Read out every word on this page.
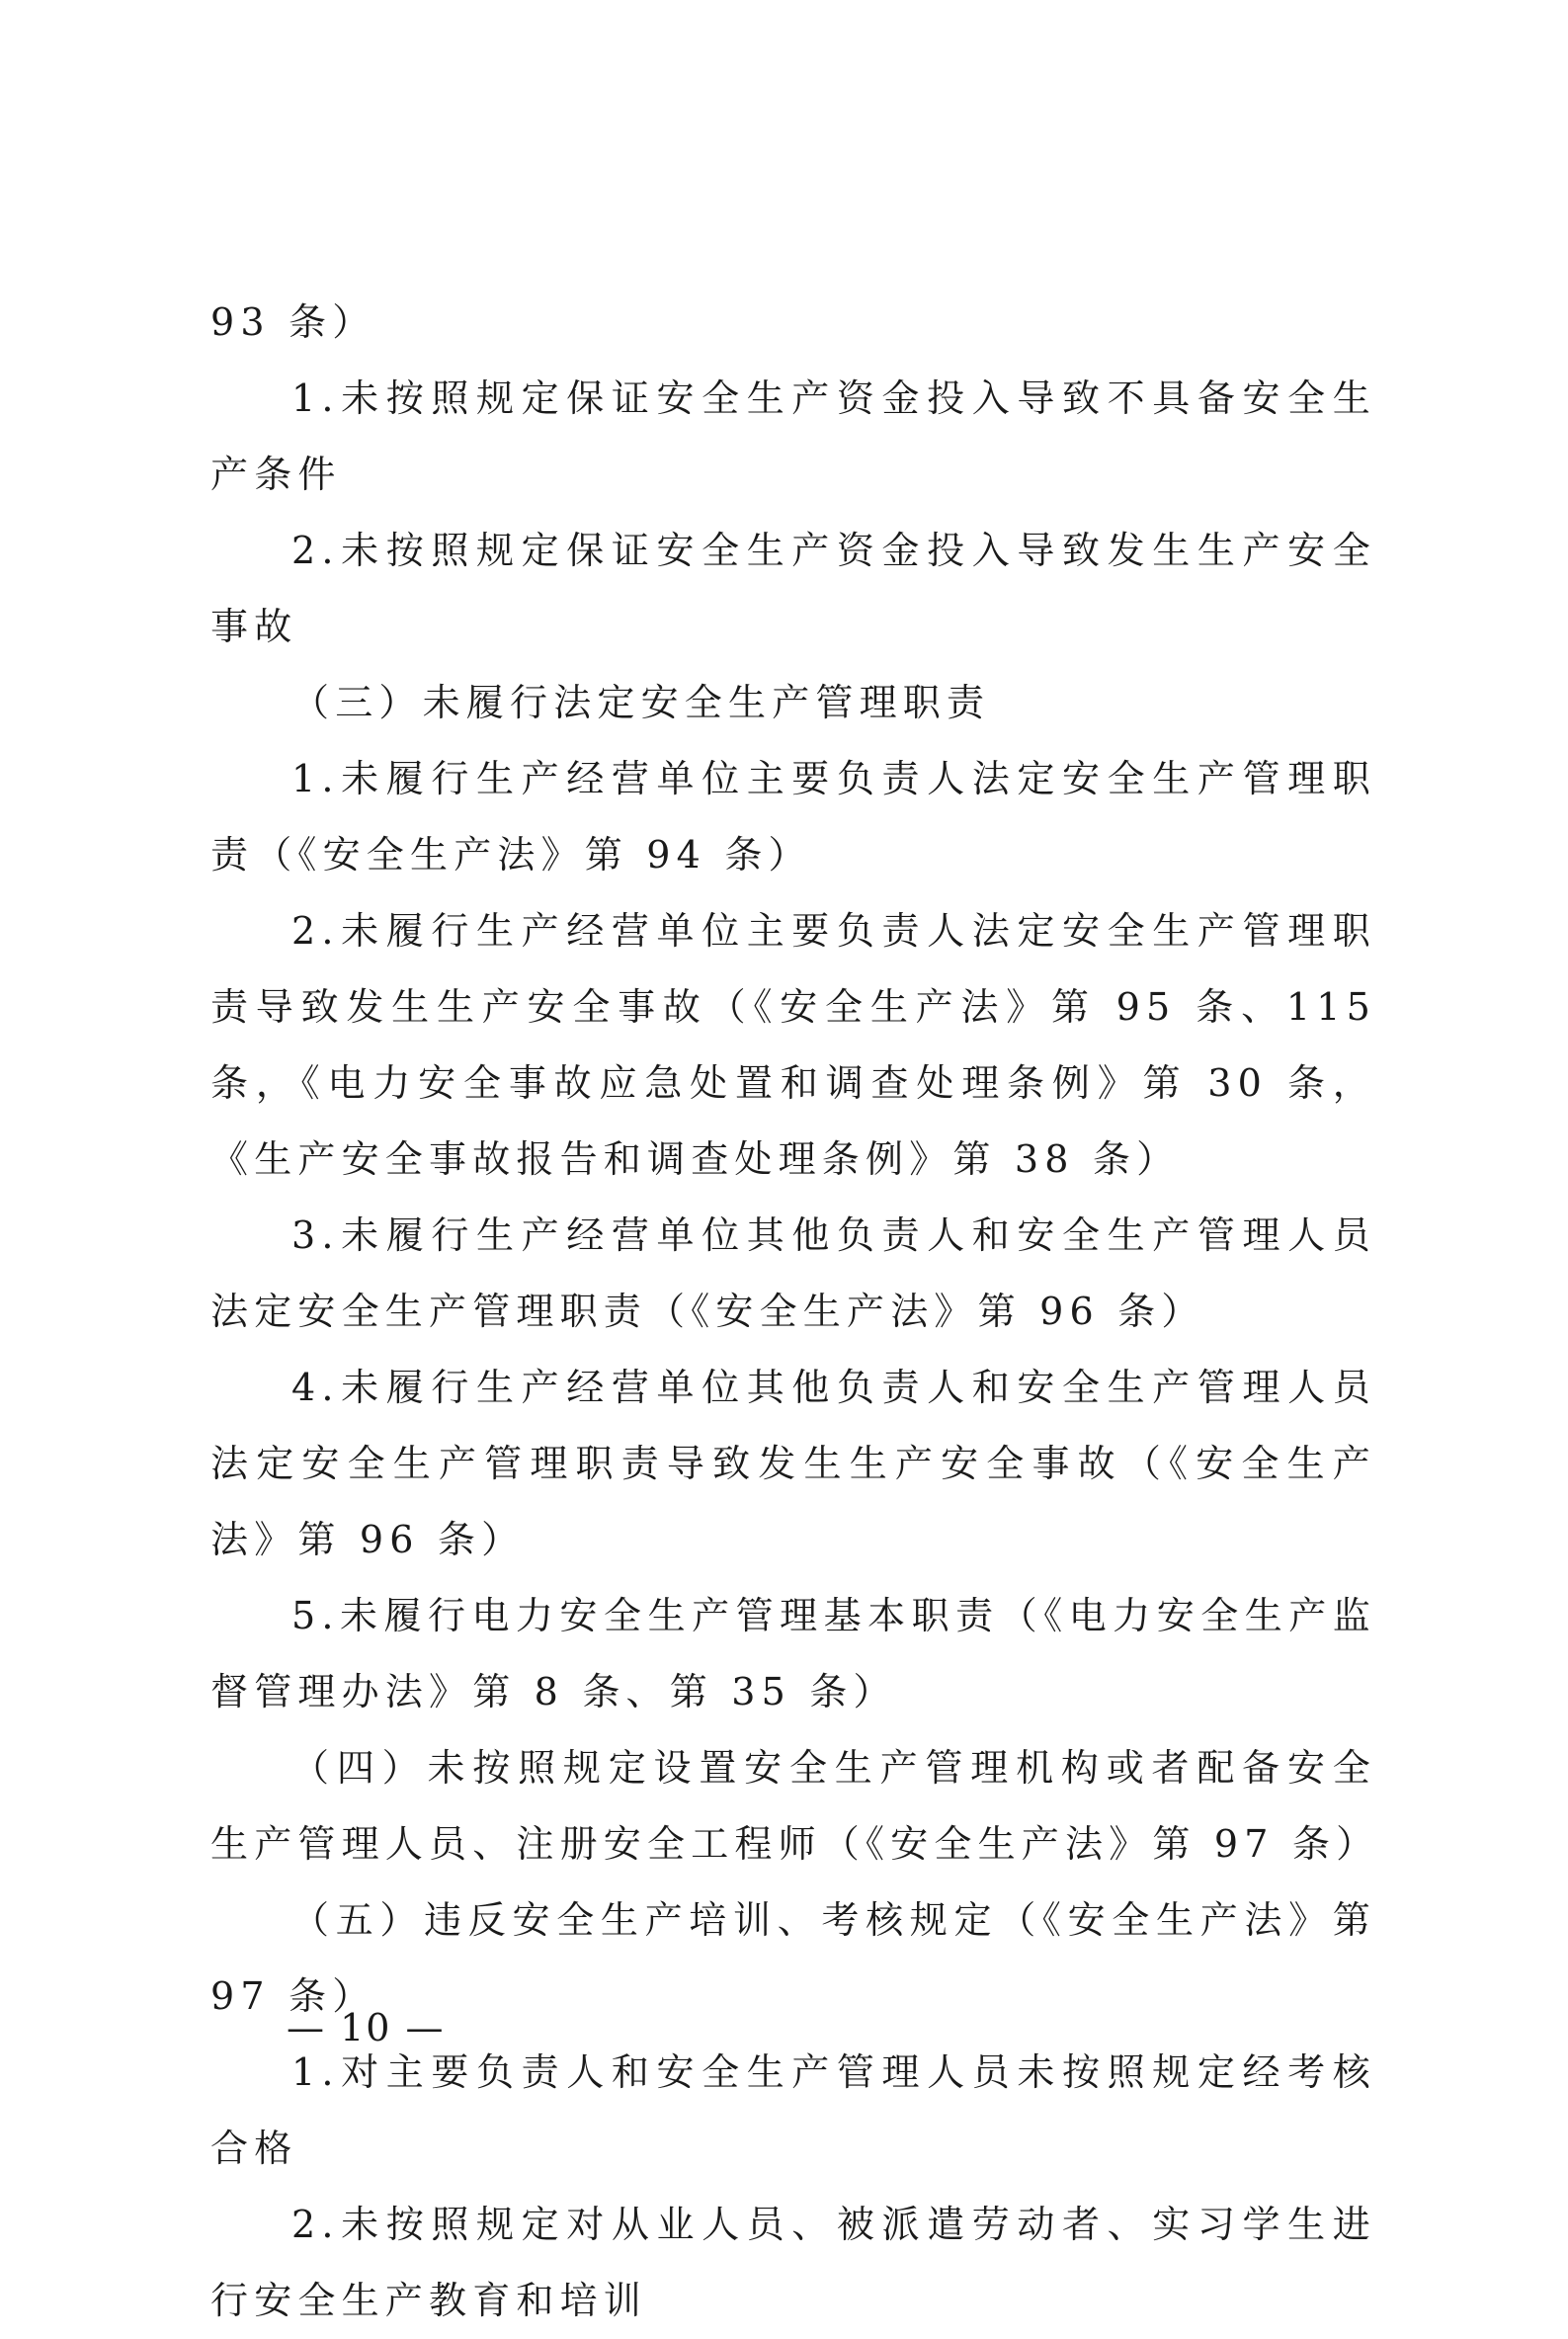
93 条）

1.未按照规定保证安全生产资金投入导致不具备安全生产条件

2.未按照规定保证安全生产资金投入导致发生生产安全事故

（三）未履行法定安全生产管理职责

1.未履行生产经营单位主要负责人法定安全生产管理职责（《安全生产法》第 94 条）

2.未履行生产经营单位主要负责人法定安全生产管理职责导致发生生产安全事故（《安全生产法》第 95 条、115 条，《电力安全事故应急处置和调查处理条例》第 30 条，《生产安全事故报告和调查处理条例》第 38 条）

3.未履行生产经营单位其他负责人和安全生产管理人员法定安全生产管理职责（《安全生产法》第 96 条）

4.未履行生产经营单位其他负责人和安全生产管理人员法定安全生产管理职责导致发生生产安全事故（《安全生产法》第 96 条）

5.未履行电力安全生产管理基本职责（《电力安全生产监督管理办法》第 8 条、第 35 条）

（四）未按照规定设置安全生产管理机构或者配备安全生产管理人员、注册安全工程师（《安全生产法》第 97 条）

（五）违反安全生产培训、考核规定（《安全生产法》第 97 条）

1.对主要负责人和安全生产管理人员未按照规定经考核合格

2.未按照规定对从业人员、被派遣劳动者、实习学生进行安全生产教育和培训

— 10 —
